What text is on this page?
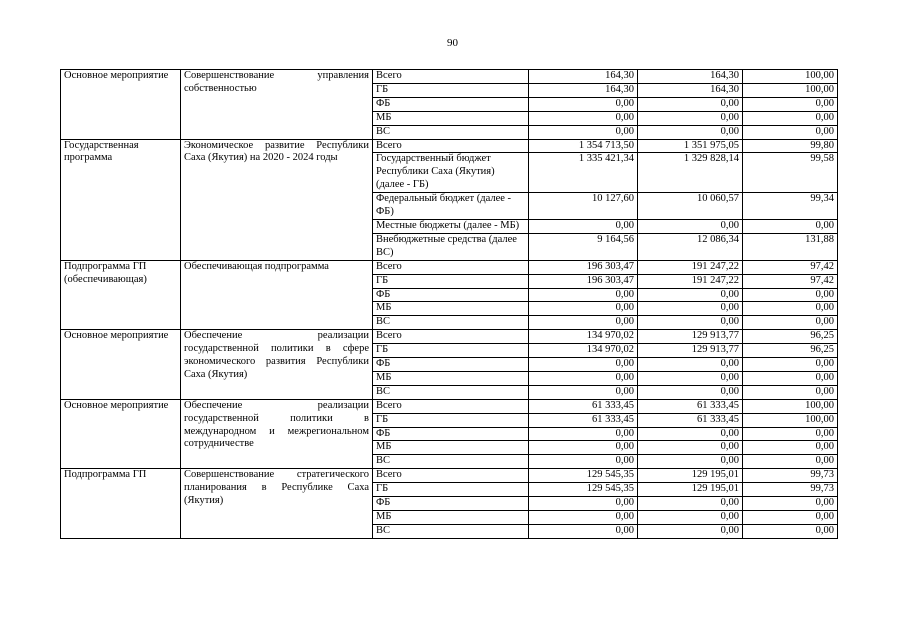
90
Основное мероприятие	Совершенствование управления собственностью	Всего	164,30	164,30	100,00
		ГБ	164,30	164,30	100,00
		ФБ	0,00	0,00	0,00
		МБ	0,00	0,00	0,00
		ВС	0,00	0,00	0,00
Государственная программа	Экономическое развитие Республики Саха (Якутия) на 2020 - 2024 годы	Всего	1 354 713,50	1 351 975,05	99,80
		Государственный бюджет Республики Саха (Якутия) (далее - ГБ)	1 335 421,34	1 329 828,14	99,58
		Федеральный бюджет (далее - ФБ)	10 127,60	10 060,57	99,34
		Местные бюджеты (далее - МБ)	0,00	0,00	0,00
		Внебюджетные средства (далее ВС)	9 164,56	12 086,34	131,88
Подпрограмма ГП (обеспечивающая)	Обеспечивающая подпрограмма	Всего	196 303,47	191 247,22	97,42
		ГБ	196 303,47	191 247,22	97,42
		ФБ	0,00	0,00	0,00
		МБ	0,00	0,00	0,00
		ВС	0,00	0,00	0,00
Основное мероприятие	Обеспечение реализации государственной политики в сфере экономического развития Республики Саха (Якутия)	Всего	134 970,02	129 913,77	96,25
		ГБ	134 970,02	129 913,77	96,25
		ФБ	0,00	0,00	0,00
		МБ	0,00	0,00	0,00
		ВС	0,00	0,00	0,00
Основное мероприятие	Обеспечение реализации государственной политики в международном и межрегиональном сотрудничестве	Всего	61 333,45	61 333,45	100,00
		ГБ	61 333,45	61 333,45	100,00
		ФБ	0,00	0,00	0,00
		МБ	0,00	0,00	0,00
		ВС	0,00	0,00	0,00
Подпрограмма ГП	Совершенствование стратегического планирования в Республике Саха (Якутия)	Всего	129 545,35	129 195,01	99,73
		ГБ	129 545,35	129 195,01	99,73
		ФБ	0,00	0,00	0,00
		МБ	0,00	0,00	0,00
		ВС	0,00	0,00	0,00
